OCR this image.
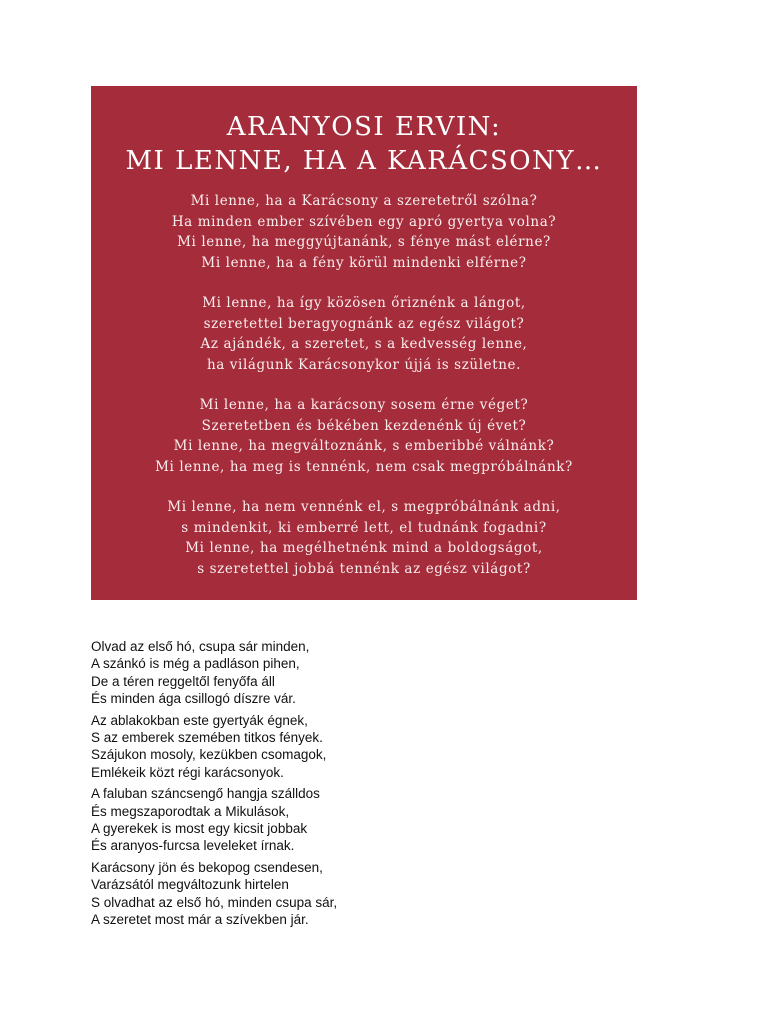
ARANYOSI ERVIN:
MI LENNE, HA A KARÁCSONY…
Mi lenne, ha a Karácsony a szeretetről szólna?
Ha minden ember szívében egy apró gyertya volna?
Mi lenne, ha meggyújtanánk, s fénye mást elérne?
Mi lenne, ha a fény körül mindenki elférne?
Mi lenne, ha így közösen őriznénk a lángot,
szeretettel beragyognánk az egész világot?
Az ajándék, a szeretet, s a kedvesség lenne,
ha világunk Karácsonykor újjá is születne.
Mi lenne, ha a karácsony sosem érne véget?
Szeretetben és békében kezdenénk új évet?
Mi lenne, ha megváltoznánk, s emberibbé válnánk?
Mi lenne, ha meg is tennénk, nem csak megpróbálnánk?
Mi lenne, ha nem vennénk el, s megpróbálnánk adni,
s mindenkit, ki emberré lett, el tudnánk fogadni?
Mi lenne, ha megélhetnénk mind a boldogságot,
s szeretettel jobbá tennénk az egész világot?
Olvad az első hó, csupa sár minden,
A szánkó is még a padláson pihen,
De a téren reggeltől fenyőfa áll
És minden ága csillogó díszre vár.
Az ablakokban este gyertyák égnek,
S az emberek szemében titkos fények.
Szájukon mosoly, kezükben csomagok,
Emlékeik közt régi karácsonyok.
A faluban száncsengő hangja szálldos
És megszaporodtak a Mikulások,
A gyerekek is most egy kicsit jobbak
És aranyos-furcsa leveleket írnak.
Karácsony jön és bekopog csendesen,
Varázsától megváltozunk hirtelen
S olvadhat az első hó, minden csupa sár,
A szeretet most már a szívekben jár.
